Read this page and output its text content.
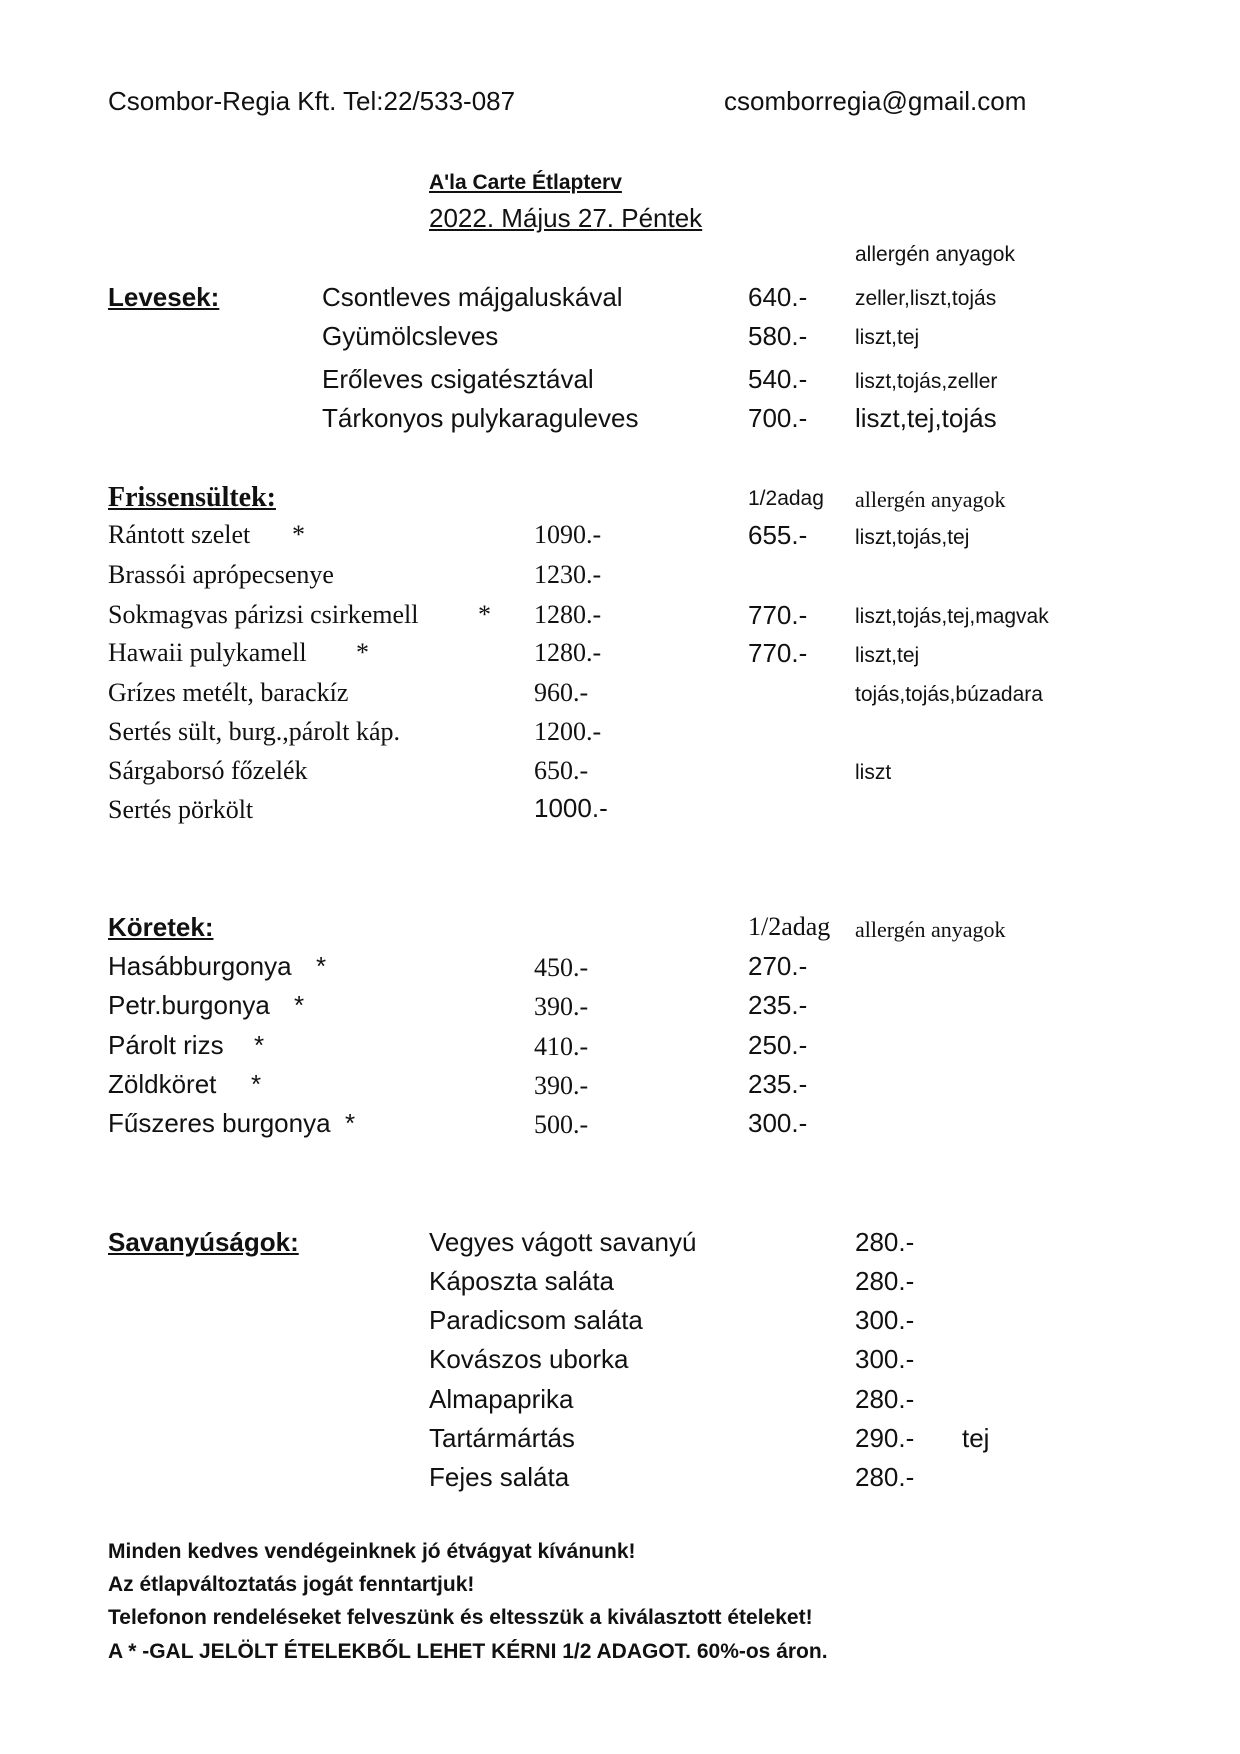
Csombor-Regia Kft. Tel:22/533-087	csomborregia@gmail.com
A'la Carte Étlapterv
2022. Május 27. Péntek
allergén anyagok
Levesek:	Csontleves májgaluskával	640.- zeller,liszt,tojás
Gyümölcsleves	580.- liszt,tej
Erőleves csigatésztával	540.- liszt,tojás,zeller
Tárkonyos pulykaraguleves	700.- liszt,tej,tojás
Frissensültek:	1/2adag allergén anyagok
Rántott szelet *	1090.-	655.- liszt,tojás,tej
Brassói aprópecsenye	1230.-
Sokmagvas párizsi csirkemell * 1280.-	770.- liszt,tojás,tej,magvak
Hawaii pulykamell *	1280.-	770.- liszt,tej
Grízes metélt, barackíz	960.-	tojás,tojás,búzadara
Sertés sült, burg.,párolt káp.	1200.-
Sárgaborsó főzelék	650.-	liszt
Sertés pörkölt	1000.-
Köretek:	1/2adag allergén anyagok
Hasábburgonya *	450.-	270.-
Petr.burgonya *	390.-	235.-
Párolt rizs *	410.-	250.-
Zöldköret *	390.-	235.-
Fűszeres burgonya *	500.-	300.-
Savanyúságok:	Vegyes vágott savanyú	280.-
Káposzta saláta	280.-
Paradicsom saláta	300.-
Kovászos uborka	300.-
Almapaprika	280.-
Tartármártás	290.- tej
Fejes saláta	280.-
Minden kedves vendégeinknek jó étvágyat kívánunk!
Az étlapváltoztatás jogát fenntartjuk!
Telefonon rendeléseket felveszünk és eltesszük a kiválasztott ételeket!
A * -GAL JELÖLT ÉTELEKBŐL LEHET KÉRNI 1/2 ADAGOT. 60%-os áron.
